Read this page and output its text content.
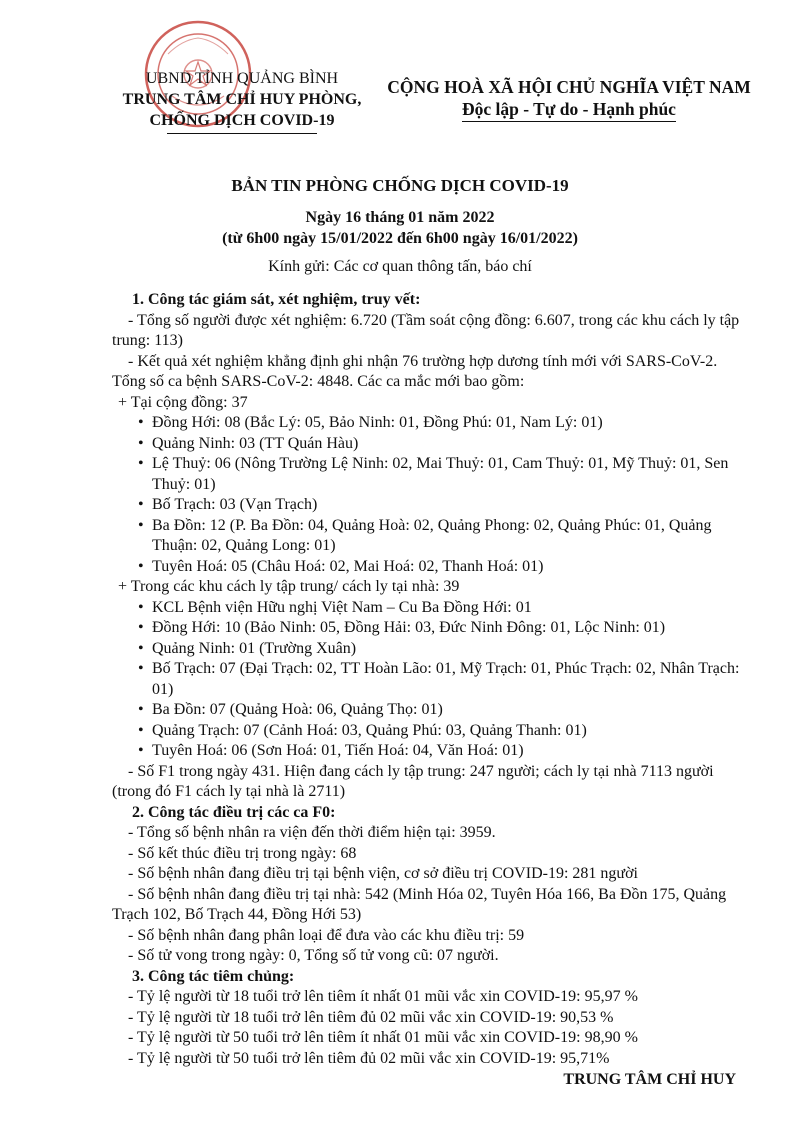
UBND TỈNH QUẢNG BÌNH
TRUNG TÂM CHỈ HUY PHÒNG,
CHỐNG DỊCH COVID-19
CỘNG HOÀ XÃ HỘI CHỦ NGHĨA VIỆT NAM
Độc lập - Tự do - Hạnh phúc
BẢN TIN PHÒNG CHỐNG DỊCH COVID-19
Ngày 16 tháng 01 năm 2022
(từ 6h00 ngày 15/01/2022 đến 6h00 ngày 16/01/2022)
Kính gửi: Các cơ quan thông tấn, báo chí
1. Công tác giám sát, xét nghiệm, truy vết:
- Tổng số người được xét nghiệm: 6.720 (Tầm soát cộng đồng: 6.607, trong các khu cách ly tập trung: 113)
- Kết quả xét nghiệm khẳng định ghi nhận 76 trường hợp dương tính mới với SARS-CoV-2. Tổng số ca bệnh SARS-CoV-2: 4848. Các ca mắc mới bao gồm:
+ Tại cộng đồng: 37
• Đồng Hới: 08 (Bắc Lý: 05, Bảo Ninh: 01, Đồng Phú: 01, Nam Lý: 01)
• Quảng Ninh: 03 (TT Quán Hàu)
• Lệ Thuỷ: 06 (Nông Trường Lệ Ninh: 02, Mai Thuỷ: 01, Cam Thuỷ: 01, Mỹ Thuỷ: 01, Sen Thuỷ: 01)
• Bố Trạch: 03 (Vạn Trạch)
• Ba Đồn: 12 (P. Ba Đồn: 04, Quảng Hoà: 02, Quảng Phong: 02, Quảng Phúc: 01, Quảng Thuận: 02, Quảng Long: 01)
• Tuyên Hoá: 05 (Châu Hoá: 02, Mai Hoá: 02, Thanh Hoá: 01)
+ Trong các khu cách ly tập trung/ cách ly tại nhà: 39
• KCL Bệnh viện Hữu nghị Việt Nam – Cu Ba Đồng Hới: 01
• Đồng Hới: 10 (Bảo Ninh: 05, Đồng Hải: 03, Đức Ninh Đông: 01, Lộc Ninh: 01)
• Quảng Ninh: 01 (Trường Xuân)
• Bố Trạch: 07 (Đại Trạch: 02, TT Hoàn Lão: 01, Mỹ Trạch: 01, Phúc Trạch: 02, Nhân Trạch: 01)
• Ba Đồn: 07 (Quảng Hoà: 06, Quảng Thọ: 01)
• Quảng Trạch: 07 (Cảnh Hoá: 03, Quảng Phú: 03, Quảng Thanh: 01)
• Tuyên Hoá: 06 (Sơn Hoá: 01, Tiến Hoá: 04, Văn Hoá: 01)
- Số F1 trong ngày 431. Hiện đang cách ly tập trung: 247 người; cách ly tại nhà 7113 người (trong đó F1 cách ly tại nhà là 2711)
2. Công tác điều trị các ca F0:
- Tổng số bệnh nhân ra viện đến thời điểm hiện tại: 3959.
- Số kết thúc điều trị trong ngày: 68
- Số bệnh nhân đang điều trị tại bệnh viện, cơ sở điều trị COVID-19: 281 người
- Số bệnh nhân đang điều trị tại nhà: 542 (Minh Hóa 02, Tuyên Hóa 166, Ba Đồn 175, Quảng Trạch 102, Bố Trạch 44, Đồng Hới 53)
- Số bệnh nhân đang phân loại để đưa vào các khu điều trị: 59
- Số tử vong trong ngày: 0, Tổng số tử vong cũ: 07 người.
3. Công tác tiêm chủng:
- Tỷ lệ người từ 18 tuổi trở lên tiêm ít nhất 01 mũi vắc xin COVID-19: 95,97 %
- Tỷ lệ người từ 18 tuổi trở lên tiêm đủ 02 mũi vắc xin COVID-19: 90,53 %
- Tỷ lệ người từ 50 tuổi trở lên tiêm ít nhất 01 mũi vắc xin COVID-19: 98,90 %
- Tỷ lệ người từ 50 tuổi trở lên tiêm đủ 02 mũi vắc xin COVID-19: 95,71%
TRUNG TÂM CHỈ HUY
